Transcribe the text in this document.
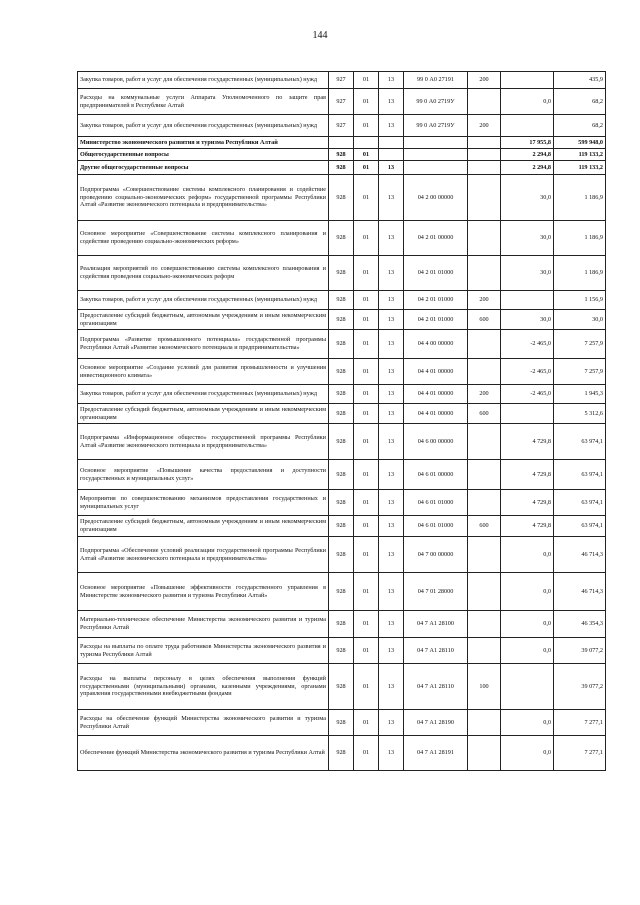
144
Закупка товаров, работ и услуг для обеспечения государственных (муниципальных) нужд	927	01	13	99 0 А0 27191	200		435,9
Расходы на коммунальные услуги Аппарата Уполномоченного по защите прав предпринимателей в Республике Алтай	927	01	13	99 0 А0 2719У		0,0	68,2
Закупка товаров, работ и услуг для обеспечения государственных (муниципальных) нужд	927	01	13	99 0 А0 2719У	200		68,2
Министерство экономического развития и туризма Республики Алтай						17 955,8	599 948,0
Общегосударственные вопросы	928	01				2 294,8	119 133,2
Другие общегосударственные вопросы	928	01	13			2 294,8	119 133,2
Подпрограмма «Совершенствование системы комплексного планирования и содействие проведению социально-экономических реформ» государственной программы Республики Алтай «Развитие экономического потенциала и предпринимательства»	928	01	13	04 2 00 00000		30,0	1 186,9
Основное мероприятие «Совершенствование системы комплексного планирования и содействие проведению социально-экономических реформ»	928	01	13	04 2 01 00000		30,0	1 186,9
Реализация мероприятий по совершенствованию системы комплексного планирования и содействия проведения социально-экономических реформ	928	01	13	04 2 01 01000		30,0	1 186,9
Закупка товаров, работ и услуг для обеспечения государственных (муниципальных) нужд	928	01	13	04 2 01 01000	200		1 156,9
Предоставление субсидий бюджетным, автономным учреждениям и иным некоммерческим организациям	928	01	13	04 2 01 01000	600	30,0	30,0
Подпрограмма «Развитие промышленного потенциала» государственной программы Республики Алтай «Развитие экономического потенциала и предпринимательства»	928	01	13	04 4 00 00000		-2 465,0	7 257,9
Основное мероприятие «Создание условий для развития промышленности и улучшения инвестиционного климата»	928	01	13	04 4 01 00000		-2 465,0	7 257,9
Закупка товаров, работ и услуг для обеспечения государственных (муниципальных) нужд	928	01	13	04 4 01 00000	200	-2 465,0	1 945,3
Предоставление субсидий бюджетным, автономным учреждениям и иным некоммерческим организациям	928	01	13	04 4 01 00000	600		5 312,6
Подпрограмма «Информационное общество» государственной программы Республики Алтай «Развитие экономического потенциала и предпринимательства»	928	01	13	04 6 00 00000		4 729,8	63 974,1
Основное мероприятие «Повышение качества предоставления и доступности государственных и муниципальных услуг»	928	01	13	04 6 01 00000		4 729,8	63 974,1
Мероприятия по совершенствованию механизмов предоставления государственных и муниципальных услуг	928	01	13	04 6 01 01000		4 729,8	63 974,1
Предоставление субсидий бюджетным, автономным учреждениям и иным некоммерческим организациям	928	01	13	04 6 01 01000	600	4 729,8	63 974,1
Подпрограмма «Обеспечение условий реализации государственной программы Республики Алтай «Развитие экономического потенциала и предпринимательства»	928	01	13	04 7 00 00000		0,0	46 714,3
Основное мероприятие «Повышение эффективности государственного управления в Министерстве экономического развития и туризма Республики Алтай»	928	01	13	04 7 01 28000		0,0	46 714,3
Материально-техническое обеспечение Министерства экономического развития и туризма Республики Алтай	928	01	13	04 7 А1 28100		0,0	46 354,3
Расходы на выплаты по оплате труда работников Министерства экономического развития и туризма Республики Алтай	928	01	13	04 7 А1 28110		0,0	39 077,2
Расходы на выплаты персоналу в целях обеспечения выполнения функций государственными (муниципальными) органами, казенными учреждениями, органами управления государственными внебюджетными фондами	928	01	13	04 7 А1 28110	100		39 077,2
Расходы на обеспечение функций Министерства экономического развития и туризма Республики Алтай	928	01	13	04 7 А1 28190		0,0	7 277,1
Обеспечение функций Министерства экономического развития и туризма Республики Алтай	928	01	13	04 7 А1 28191		0,0	7 277,1
